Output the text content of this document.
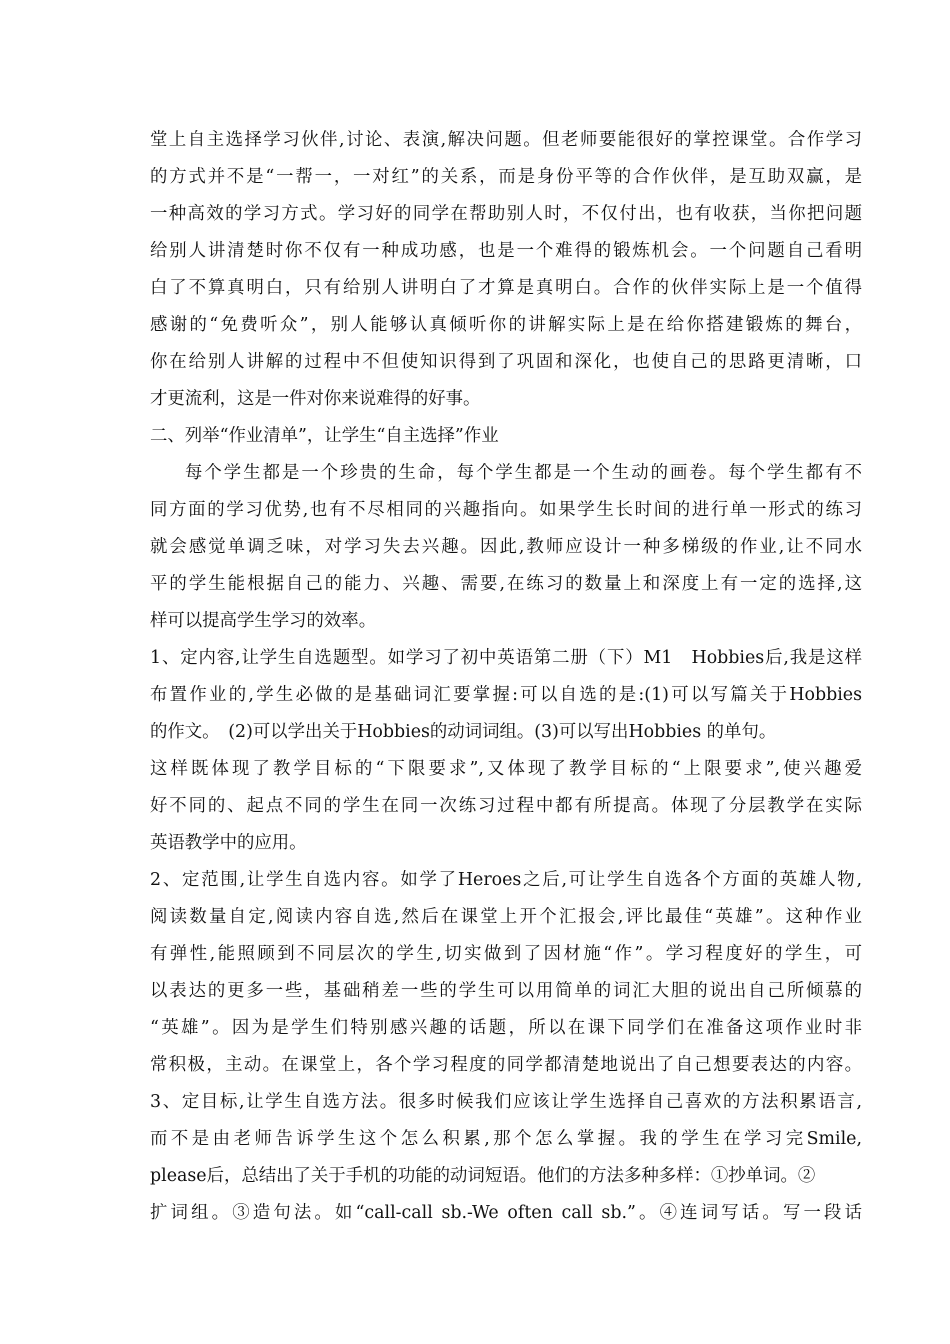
堂上自主选择学习伙伴,讨论、表演,解决问题。但老师要能很好的掌控课堂。合作学习
的方式并不是“一帮一，一对红”的关系，而是身份平等的合作伙伴，是互助双赢，是
一种高效的学习方式。学习好的同学在帮助别人时，不仅付出，也有收获，当你把问题
给别人讲清楚时你不仅有一种成功感，也是一个难得的锻炼机会。一个问题自己看明
白了不算真明白，只有给别人讲明白了才算是真明白。合作的伙伴实际上是一个值得
感谢的“免费听众”，别人能够认真倾听你的讲解实际上是在给你搭建锻炼的舞台，
你在给别人讲解的过程中不但使知识得到了巩固和深化，也使自己的思路更清晰，口
才更流利，这是一件对你来说难得的好事。
二、列举“作业清单”，让学生“自主选择”作业
每个学生都是一个珍贵的生命，每个学生都是一个生动的画卷。每个学生都有不
同方面的学习优势,也有不尽相同的兴趣指向。如果学生长时间的进行单一形式的练习
就会感觉单调乏味，对学习失去兴趣。因此,教师应设计一种多梯级的作业,让不同水
平的学生能根据自己的能力、兴趣、需要,在练习的数量上和深度上有一定的选择,这
样可以提高学生学习的效率。
1、定内容,让学生自选题型。如学习了初中英语第二册（下）M1　Hobbies后,我是这样
布置作业的,学生必做的是基础词汇要掌握:可以自选的是:(1)可以写篇关于Hobbies
的作文。　(2)可以学出关于Hobbies的动词词组。(3)可以写出Hobbies 的单句。
这样既体现了教学目标的“下限要求”,又体现了教学目标的“上限要求”,使兴趣爱
好不同的、起点不同的学生在同一次练习过程中都有所提高。体现了分层教学在实际
英语教学中的应用。
2、定范围,让学生自选内容。如学了Heroes之后,可让学生自选各个方面的英雄人物,
阅读数量自定,阅读内容自选,然后在课堂上开个汇报会,评比最佳“英雄”。这种作业
有弹性,能照顾到不同层次的学生,切实做到了因材施“作”。学习程度好的学生，可
以表达的更多一些，基础稍差一些的学生可以用简单的词汇大胆的说出自己所倾慕的
“英雄”。因为是学生们特别感兴趣的话题，所以在课下同学们在准备这项作业时非
常积极，主动。在课堂上，各个学习程度的同学都清楚地说出了自己想要表达的内容。
3、定目标,让学生自选方法。很多时候我们应该让学生选择自己喜欢的方法积累语言,
而不是由老师告诉学生这个怎么积累,那个怎么掌握。我的学生在学习完Smile,
please后，总结出了关于手机的功能的动词短语。他们的方法多种多样：①抄单词。②
扩词组。③造句法。如“call-call sb.-We often call sb.”。④连词写话。写一段话
